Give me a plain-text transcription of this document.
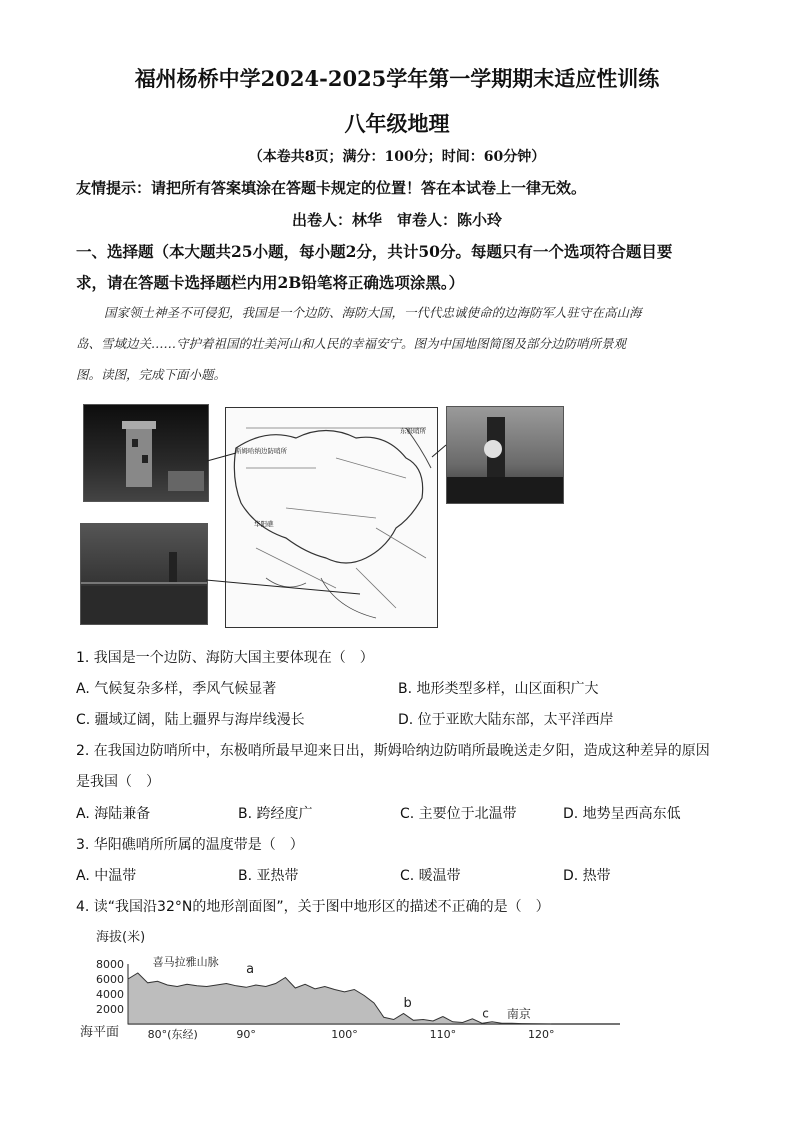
福州杨桥中学2024-2025学年第一学期期末适应性训练
八年级地理
（本卷共8页；满分：100分；时间：60分钟）
友情提示：请把所有答案填涂在答题卡规定的位置！答在本试卷上一律无效。
出卷人：林华　审卷人：陈小玲
一、选择题（本大题共25小题，每小题2分，共计50分。每题只有一个选项符合题目要
求，请在答题卡选择题栏内用2B铅笔将正确选项涂黑。）
国家领土神圣不可侵犯，我国是一个边防、海防大国，一代代忠诚使命的边海防军人驻守在高山海
岛、雪域边关……守护着祖国的壮美河山和人民的幸福安宁。图为中国地图简图及部分边防哨所景观
图。读图，完成下面小题。
斯姆哈纳边防哨所
东极哨所
华阳礁
1. 我国是一个边防、海防大国主要体现在（　）
A. 气候复杂多样，季风气候显著	B. 地形类型多样，山区面积广大
C. 疆域辽阔，陆上疆界与海岸线漫长	D. 位于亚欧大陆东部，太平洋西岸
2. 在我国边防哨所中，东极哨所最早迎来日出，斯姆哈纳边防哨所最晚送走夕阳，造成这种差异的原因
是我国（　）
A. 海陆兼备	B. 跨经度广	C. 主要位于北温带	D. 地势呈西高东低
3. 华阳礁哨所所属的温度带是（　）
A. 中温带	B. 亚热带	C. 暖温带	D. 热带
4. 读“我国沿32°N的地形剖面图”，关于图中地形区的描述不正确的是（　）
海拔(米)
海平面
8000
6000
4000
2000
80°(东经)	90°	100°	110°	120°
喜马拉雅山脉 a
b
c 南京
